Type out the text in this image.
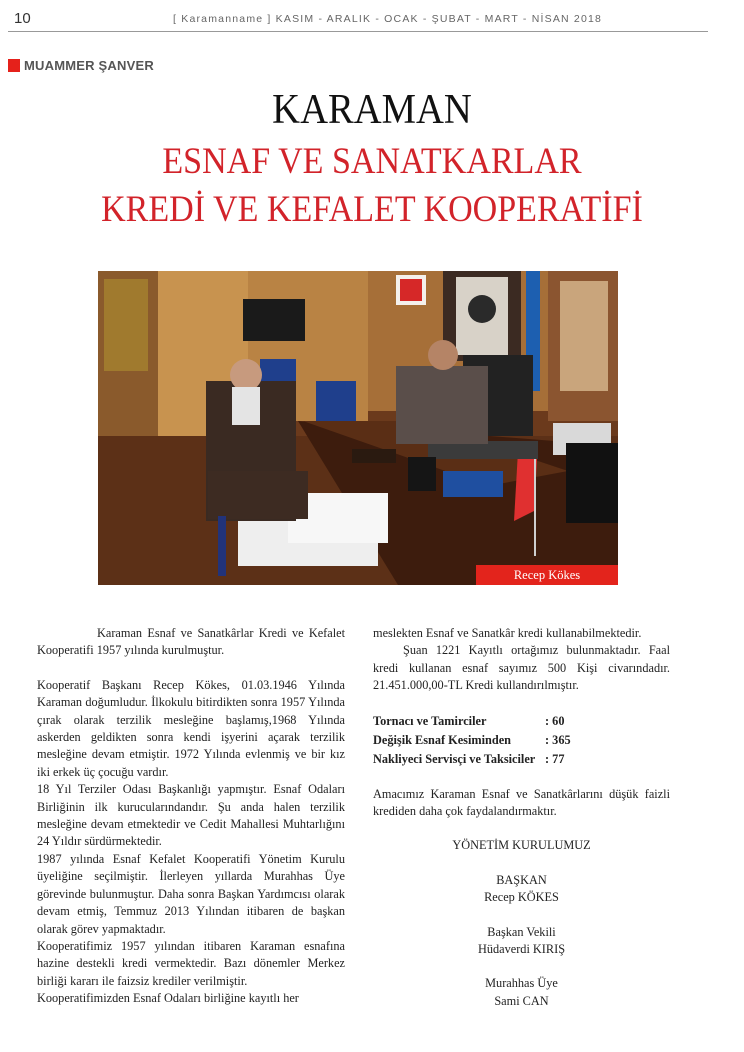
10	[ Karamanname ] KASIM - ARALIK - OCAK - ŞUBAT - MART - NİSAN 2018
MUAMMER ŞANVER
KARAMAN
ESNAF VE SANATKARLAR
KREDİ VE KEFALET KOOPERATİFİ
Recep Kökes

Karaman Esnaf ve Sanatkârlar Kredi ve Kefalet Kooperatifi 1957 yılında kurulmuştur.

Kooperatif Başkanı Recep Kökes, 01.03.1946 Yılında Karaman doğumludur. İlkokulu bitirdikten sonra 1957 Yılında çırak olarak terzilik mesleğine başlamış,1968 Yılında askerden geldikten sonra kendi işyerini açarak terzilik mesleğine devam etmiştir. 1972 Yılında evlenmiş ve bir kız iki erkek üç çocuğu vardır.

18 Yıl Terziler Odası Başkanlığı yapmıştır. Esnaf Odaları Birliğinin ilk kurucularındandır. Şu anda halen terzilik mesleğine devam etmektedir ve Cedit Mahallesi Muhtarlığını 24 Yıldır sürdürmektedir.

1987 yılında Esnaf Kefalet Kooperatifi Yönetim Kurulu üyeliğine seçilmiştir. İlerleyen yıllarda Murahhas Üye görevinde bulunmuştur. Daha sonra Başkan Yardımcısı olarak devam etmiş, Temmuz 2013 Yılından itibaren de başkan olarak görev yapmaktadır.

Kooperatifimiz 1957 yılından itibaren Karaman esnafına hazine destekli kredi vermektedir. Bazı dönemler Merkez birliği kararı ile faizsiz krediler verilmiştir.

Kooperatifimizden Esnaf Odaları birliğine kayıtlı her

meslekten Esnaf ve Sanatkâr kredi kullanabilmektedir.

Şuan 1221 Kayıtlı ortağımız bulunmaktadır. Faal kredi kullanan esnaf sayımız 500 Kişi civarındadır. 21.451.000,00-TL Kredi kullandırılmıştır.

Tornacı ve Tamirciler	: 60
Değişik Esnaf Kesiminden	: 365
Nakliyeci Servisçi ve Taksiciler : 77

Amacımız Karaman Esnaf ve Sanatkârlarını düşük faizli krediden daha çok faydalandırmaktır.

YÖNETİM KURULUMUZ

BAŞKAN

Recep KÖKES

Başkan Vekili

Hüdaverdi KIRIŞ

Murahhas Üye

Sami CAN
